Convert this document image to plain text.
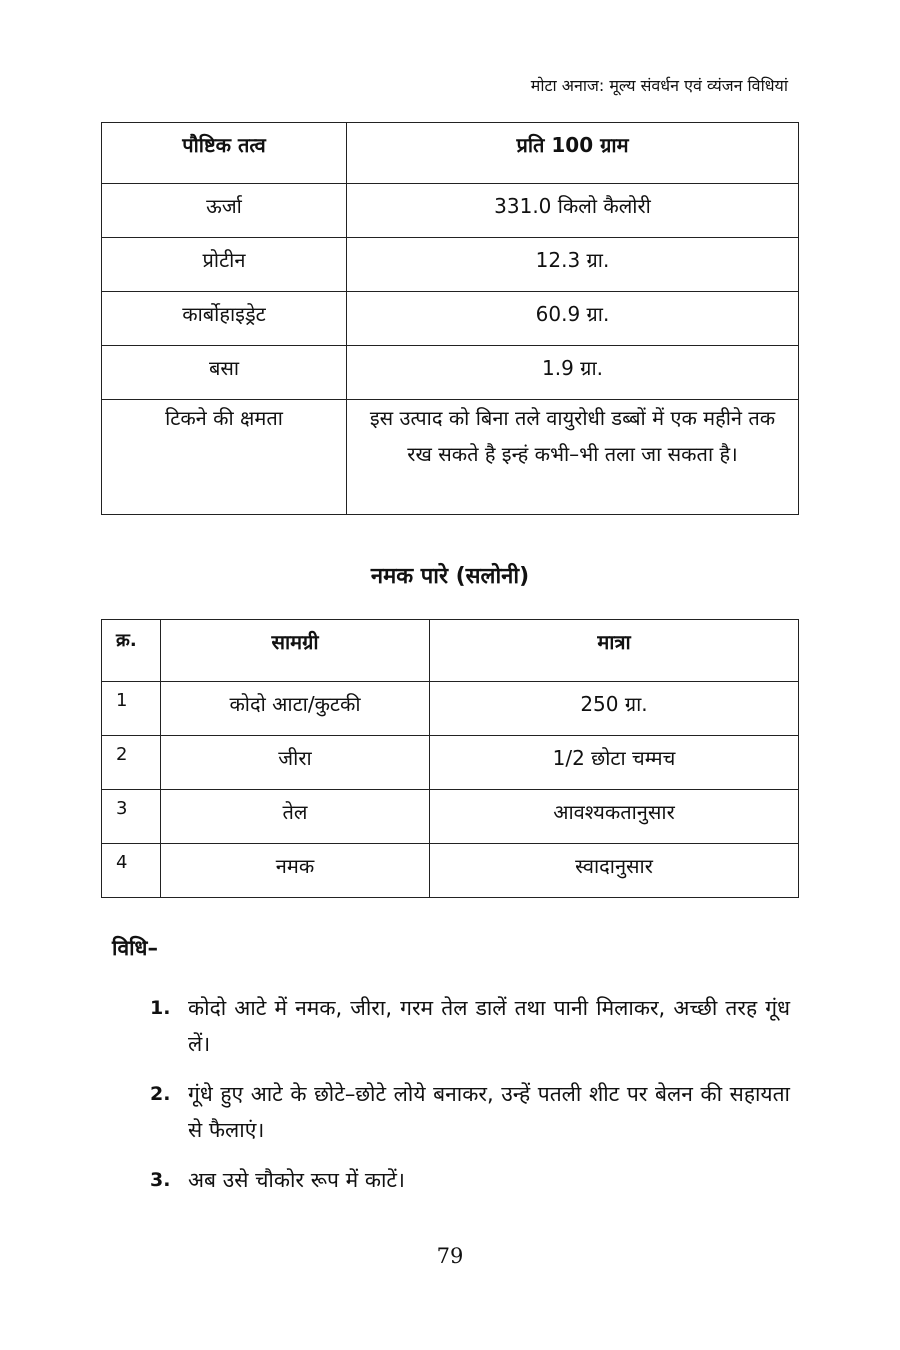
मोटा अनाज: मूल्य संवर्धन एवं व्यंजन विधियां
पौष्टिक तत्व	प्रति 100 ग्राम
ऊर्जा	331.0 किलो कैलोरी
प्रोटीन	12.3 ग्रा.
कार्बोहाइड्रेट	60.9 ग्रा.
बसा	1.9 ग्रा.
टिकने की क्षमता	इस उत्पाद को बिना तले वायुरोधी डब्बों में एक महीने तक रख सकते है इन्हं कभी–भी तला जा सकता है।
नमक पारे (सलोनी)
क्र.	सामग्री	मात्रा
1	कोदो आटा/कुटकी	250 ग्रा.
2	जीरा	1/2 छोटा चम्मच
3	तेल	आवश्यकतानुसार
4	नमक	स्वादानुसार
विधि–
1. कोदो आटे में नमक, जीरा, गरम तेल डालें तथा पानी मिलाकर, अच्छी तरह गूंध लें।
2. गूंधे हुए आटे के छोटे–छोटे लोये बनाकर, उन्हें पतली शीट पर बेलन की सहायता से फैलाएं।
3. अब उसे चौकोर रूप में काटें।
79
